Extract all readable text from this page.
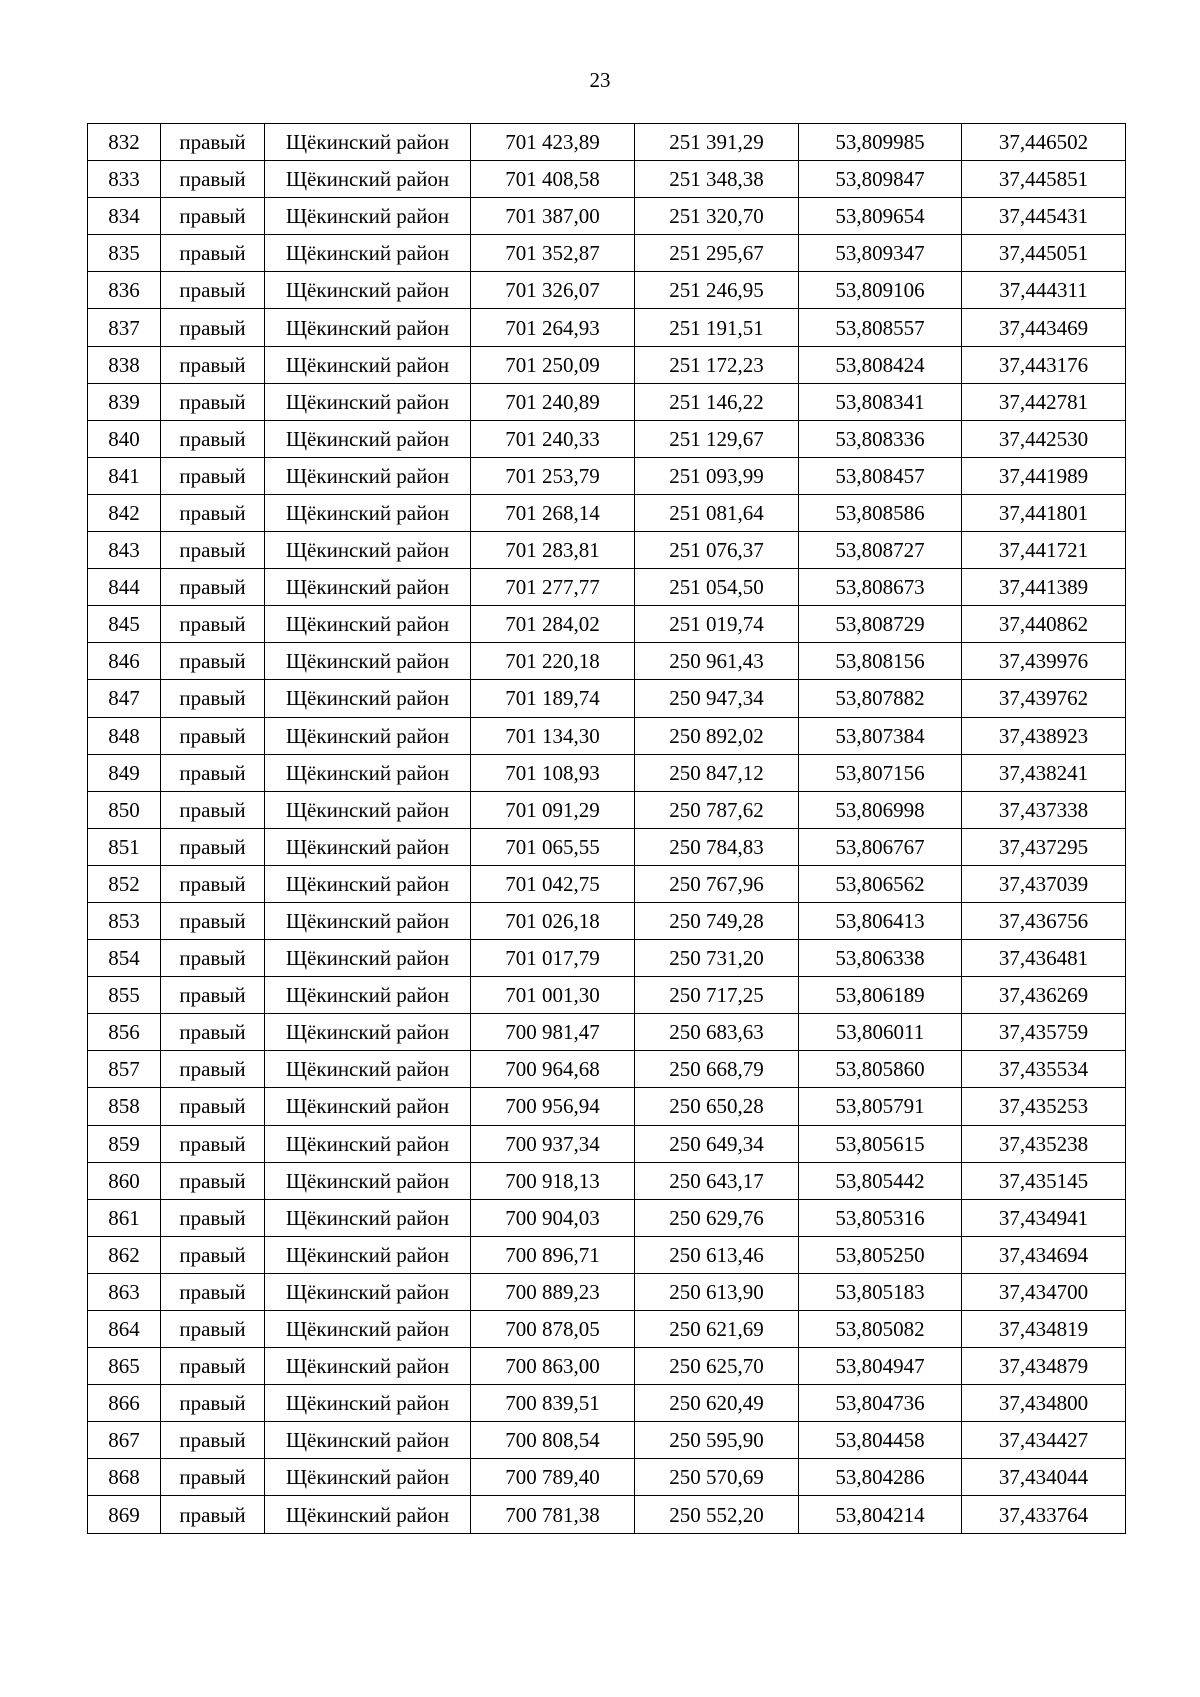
23
832	правый	Щёкинский район	701 423,89	251 391,29	53,809985	37,446502
833	правый	Щёкинский район	701 408,58	251 348,38	53,809847	37,445851
834	правый	Щёкинский район	701 387,00	251 320,70	53,809654	37,445431
835	правый	Щёкинский район	701 352,87	251 295,67	53,809347	37,445051
836	правый	Щёкинский район	701 326,07	251 246,95	53,809106	37,444311
837	правый	Щёкинский район	701 264,93	251 191,51	53,808557	37,443469
838	правый	Щёкинский район	701 250,09	251 172,23	53,808424	37,443176
839	правый	Щёкинский район	701 240,89	251 146,22	53,808341	37,442781
840	правый	Щёкинский район	701 240,33	251 129,67	53,808336	37,442530
841	правый	Щёкинский район	701 253,79	251 093,99	53,808457	37,441989
842	правый	Щёкинский район	701 268,14	251 081,64	53,808586	37,441801
843	правый	Щёкинский район	701 283,81	251 076,37	53,808727	37,441721
844	правый	Щёкинский район	701 277,77	251 054,50	53,808673	37,441389
845	правый	Щёкинский район	701 284,02	251 019,74	53,808729	37,440862
846	правый	Щёкинский район	701 220,18	250 961,43	53,808156	37,439976
847	правый	Щёкинский район	701 189,74	250 947,34	53,807882	37,439762
848	правый	Щёкинский район	701 134,30	250 892,02	53,807384	37,438923
849	правый	Щёкинский район	701 108,93	250 847,12	53,807156	37,438241
850	правый	Щёкинский район	701 091,29	250 787,62	53,806998	37,437338
851	правый	Щёкинский район	701 065,55	250 784,83	53,806767	37,437295
852	правый	Щёкинский район	701 042,75	250 767,96	53,806562	37,437039
853	правый	Щёкинский район	701 026,18	250 749,28	53,806413	37,436756
854	правый	Щёкинский район	701 017,79	250 731,20	53,806338	37,436481
855	правый	Щёкинский район	701 001,30	250 717,25	53,806189	37,436269
856	правый	Щёкинский район	700 981,47	250 683,63	53,806011	37,435759
857	правый	Щёкинский район	700 964,68	250 668,79	53,805860	37,435534
858	правый	Щёкинский район	700 956,94	250 650,28	53,805791	37,435253
859	правый	Щёкинский район	700 937,34	250 649,34	53,805615	37,435238
860	правый	Щёкинский район	700 918,13	250 643,17	53,805442	37,435145
861	правый	Щёкинский район	700 904,03	250 629,76	53,805316	37,434941
862	правый	Щёкинский район	700 896,71	250 613,46	53,805250	37,434694
863	правый	Щёкинский район	700 889,23	250 613,90	53,805183	37,434700
864	правый	Щёкинский район	700 878,05	250 621,69	53,805082	37,434819
865	правый	Щёкинский район	700 863,00	250 625,70	53,804947	37,434879
866	правый	Щёкинский район	700 839,51	250 620,49	53,804736	37,434800
867	правый	Щёкинский район	700 808,54	250 595,90	53,804458	37,434427
868	правый	Щёкинский район	700 789,40	250 570,69	53,804286	37,434044
869	правый	Щёкинский район	700 781,38	250 552,20	53,804214	37,433764
